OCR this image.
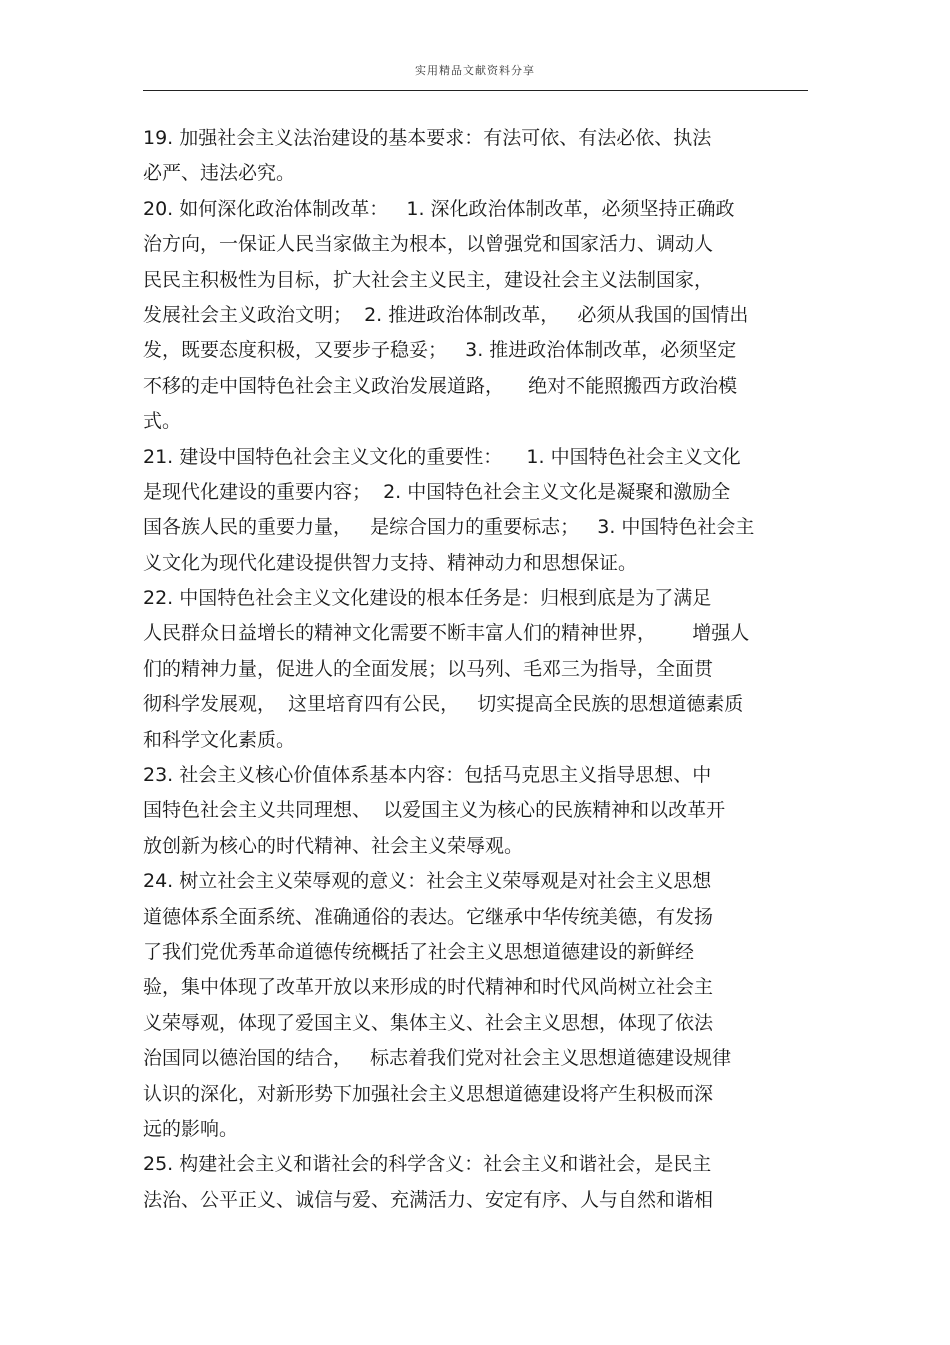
实用精品文献资料分享
19. 加强社会主义法治建设的基本要求：有法可依、有法必依、执法
必严、违法必究。
20. 如何深化政治体制改革：   1. 深化政治体制改革，必须坚持正确政
治方向，一保证人民当家做主为根本，以曾强党和国家活力、调动人
民民主积极性为目标，扩大社会主义民主，建设社会主义法制国家，
发展社会主义政治文明；  2. 推进政治体制改革，   必须从我国的国情出
发，既要态度积极，又要步子稳妥；   3. 推进政治体制改革，必须坚定
不移的走中国特色社会主义政治发展道路，    绝对不能照搬西方政治模
式。
21. 建设中国特色社会主义文化的重要性：    1. 中国特色社会主义文化
是现代化建设的重要内容；  2. 中国特色社会主义文化是凝聚和激励全
国各族人民的重要力量，   是综合国力的重要标志；   3. 中国特色社会主
义文化为现代化建设提供智力支持、精神动力和思想保证。
22. 中国特色社会主义文化建设的根本任务是：归根到底是为了满足
人民群众日益增长的精神文化需要不断丰富人们的精神世界，      增强人
们的精神力量，促进人的全面发展；以马列、毛邓三为指导，全面贯
彻科学发展观，  这里培育四有公民，   切实提高全民族的思想道德素质
和科学文化素质。
23. 社会主义核心价值体系基本内容：包括马克思主义指导思想、中
国特色社会主义共同理想、  以爱国主义为核心的民族精神和以改革开
放创新为核心的时代精神、社会主义荣辱观。
24. 树立社会主义荣辱观的意义：社会主义荣辱观是对社会主义思想
道德体系全面系统、准确通俗的表达。它继承中华传统美德，有发扬
了我们党优秀革命道德传统概括了社会主义思想道德建设的新鲜经
验，集中体现了改革开放以来形成的时代精神和时代风尚树立社会主
义荣辱观，体现了爱国主义、集体主义、社会主义思想，体现了依法
治国同以德治国的结合，   标志着我们党对社会主义思想道德建设规律
认识的深化，对新形势下加强社会主义思想道德建设将产生积极而深
远的影响。
25. 构建社会主义和谐社会的科学含义：社会主义和谐社会，是民主
法治、公平正义、诚信与爱、充满活力、安定有序、人与自然和谐相
